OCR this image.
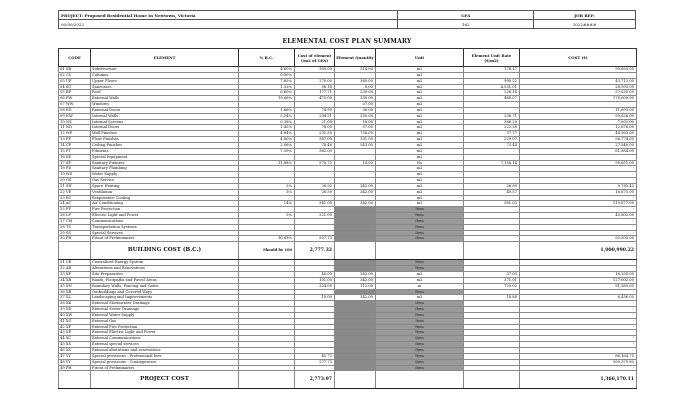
PROJECT: Proposed Residential Home In Newtown, Victoria	GFA	JOB REF:
00/00/2022	162	2022####
ELEMENTAL COST PLAN SUMMARY
CODE	ELEMENT	% B.C.	Cost of element (/m2 of GFA)	Element Quantity	Unit	Element Unit Rate ($/m2)	COST ($)
01 SB	Substructure	4.60%	369.00	314.00	m2	176.17	59,650.00
02 CL	Columns	0.00%			m2		
03 UF	Upper Floors	7.65%	270.00	360.00	m2	990.22	43,713.00
04 SC	Staircases	1.32%	56.18	8.00	m2	4,531.01	28,995.00
05 RF	Roof	6.60%	177.71	239.00	m2	226.14	57,035.00
06 EW	External Walls	19.66%	475.00	350.00	m2	468.07	170,000.00
07 WW	Windows			37.00	m2		
08 ED	External Doors	1.66%	74.90	36.00	m2		11,695.00
09 NW	Internal Walls	5.54%	294.51	255.00	m2	236.71	99,826.00
10 NS	Internal Screens	0.38%	21.08	16.00	m2	366.20	7,602.00
11 ND	Internal Doors	1.45%	78.00	57.00	m2	222.38	12,676.00
12 WF	Wall Finishes	4.84%	231.50	758.00	m2	57.77	48,563.00
13 FF	Floor Finishes	4.80%	387.00	331.00	m2	229.07	56,774.00
14 CF	Ceiling Finishes	2.06%	78.46	543.00	m2	73.44	27,540.00
15 FT	Fitments	7.39%	382.00		m2		61,884.00
16 SE	Special Equipment				m2		
17 SF	Sanitary Fixtures	11.88%	575.75	14.00	No	7,156.14	99,651.00
18 PD	Sanitary Plumbing				m2		-
19 WS	Water Supply				m2		-
20 GS	Gas Service				m2		-
21 SH	Space Heating	3%	26.92	342.00	m2	26.90	9,785.42
22 VE	Ventilation	5%	26.50	342.00	m2	49.57	16,875.00
23 EC	Evaporative Cooling				m2		-
24 AC	Air Conditioning	14%	341.00	342.00	m2	561.03	119,877.00
25 FP	Fire Protection				Item		-
26 LP	Electric Light and Power	5%	221.00		Item		45,802.00
27 CM	Communications				Item		-
28 TS	Transportation Systems				Item		-
29 SS	Special Services				Item		-
30 PR	Fitout of Preliminaries	10.83%	507.73		Item		93,500.00
	BUILDING COST (B.C.)	Should be 100	2,777.32				1,000,990.22
31 CE	Centralised Energy System				Item		-
32 AR	Alterations and Renovations				Item		-
33 XP	Site Preparation		40.00	543.00	m2	37.03	16,250.00
34 XR	Roads, Footpaths and Paved Areas		101.00	342.00	m2	371.01	127,002.00
35 XN	Boundary Walls, Fencing and Gates		224.00	113.00	m	729.02	81,589.00
36 XB	Outbuildings and Covered Ways				Item		-
37 XL	Landscaping and Improvements		19.00	342.00	m2	18.88	6,456.00
38 XK	External Stormwater Drainage				Item		-
39 XD	External Sewer Drainage				Item		-
40 XW	External Water Supply				Item		-
41 XG	External Gas				Item		-
42 XF	External Fire Protection				Item		-
43 XE	External Electric Light and Power				Item		-
44 XC	External Communications				Item		-
45 XS	External special services				Item		-
46 XX	External alterations and renovations				Item		-
47 YY	Special provisions - Professional fees		45.72		Item		86,164.75
48 YY	Special provisions - Contingencies		277.73		Item		100,379.82
49 PR	Fitout of Preliminaries				Item		-
	PROJECT COST		2,773.97				1,366,170.11
